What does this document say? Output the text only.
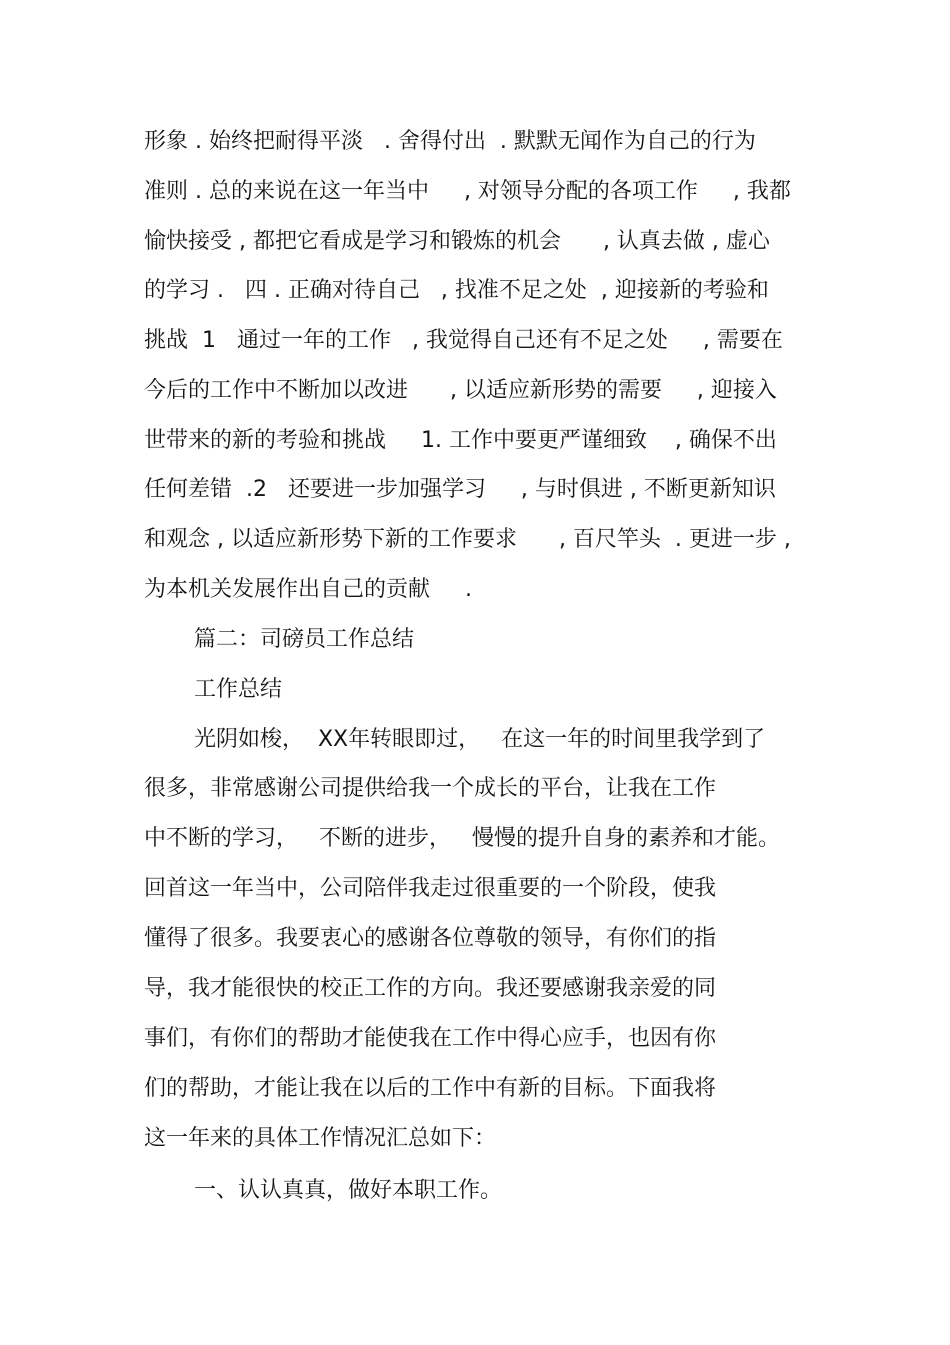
形象 . 始终把耐得平淡   . 舍得付出  . 默默无闻作为自己的行为
准则 . 总的来说在这一年当中     , 对领导分配的各项工作     , 我都
愉快接受 , 都把它看成是学习和锻炼的机会      , 认真去做 , 虚心
的学习 .   四 . 正确对待自己   , 找准不足之处  , 迎接新的考验和
挑战  1   通过一年的工作   , 我觉得自己还有不足之处     , 需要在
今后的工作中不断加以改进      , 以适应新形势的需要     , 迎接入
世带来的新的考验和挑战     1. 工作中要更严谨细致    , 确保不出
任何差错  .2   还要进一步加强学习     , 与时俱进 , 不断更新知识
和观念 , 以适应新形势下新的工作要求      , 百尺竿头  . 更进一步 ,
为本机关发展作出自己的贡献     .
篇二：司磅员工作总结
工作总结
光阴如梭，  XX年转眼即过，   在这一年的时间里我学到了
很多，非常感谢公司提供给我一个成长的平台，让我在工作
中不断的学习，   不断的进步，   慢慢的提升自身的素养和才能。
回首这一年当中，公司陪伴我走过很重要的一个阶段，使我
懂得了很多。我要衷心的感谢各位尊敬的领导，有你们的指
导，我才能很快的校正工作的方向。我还要感谢我亲爱的同
事们，有你们的帮助才能使我在工作中得心应手，也因有你
们的帮助，才能让我在以后的工作中有新的目标。下面我将
这一年来的具体工作情况汇总如下：
一、认认真真，做好本职工作。
